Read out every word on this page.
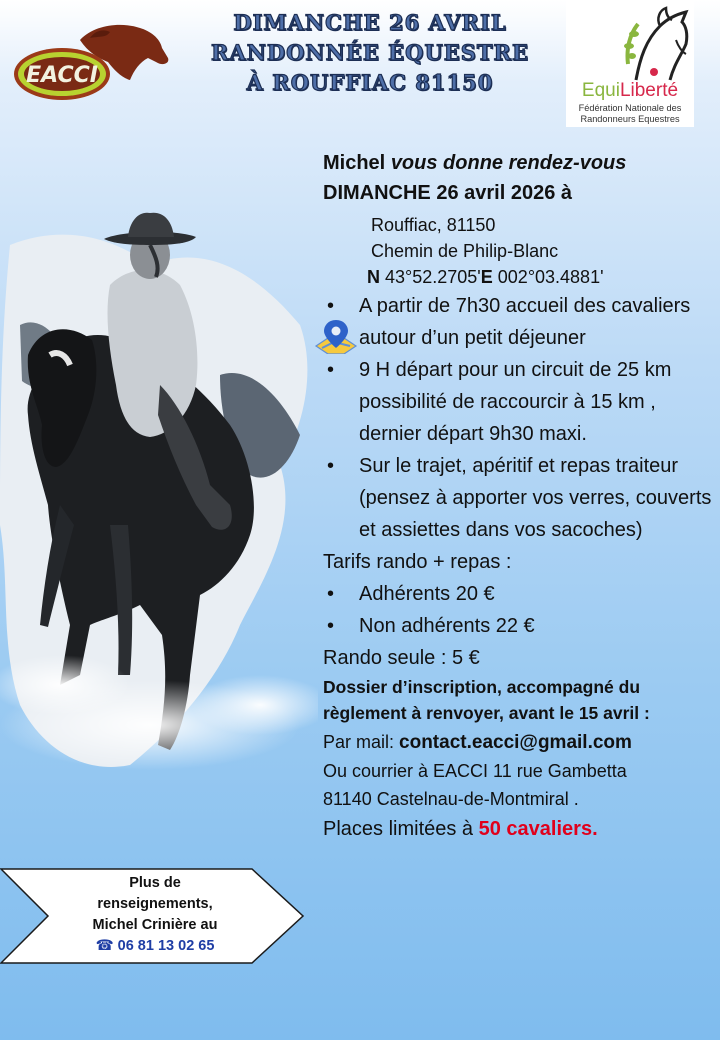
DIMANCHE 26 AVRIL
RANDONNÉE ÉQUESTRE
À ROUFFIAC 81150
EACCI
EquiLiberté
Fédération Nationale des
Randonneurs Equestres
Michel vous donne rendez-vous
DIMANCHE 26 avril 2026 à
Rouffiac, 81150
Chemin de Philip-Blanc
N 43°52.2705'E 002°03.4881'
•	A partir de 7h30 accueil des cavaliers autour d’un petit déjeuner
•	9 H départ pour un circuit de 25 km possibilité de raccourcir à 15 km , dernier départ 9h30 maxi.
•	Sur le trajet, apéritif et repas traiteur (pensez à apporter vos verres, couverts et assiettes dans vos sacoches)
Tarifs rando + repas :
•	Adhérents 20 €
•	Non adhérents 22 €
Rando seule : 5 €
Dossier d’inscription, accompagné du règlement à renvoyer, avant le 15 avril :
Par mail: contact.eacci@gmail.com
Ou courrier à EACCI 11 rue Gambetta
81140 Castelnau-de-Montmiral .
Places limitées à 50 cavaliers.
Plus de
renseignements,
Michel Crinière au
☎ 06 81 13 02 65
